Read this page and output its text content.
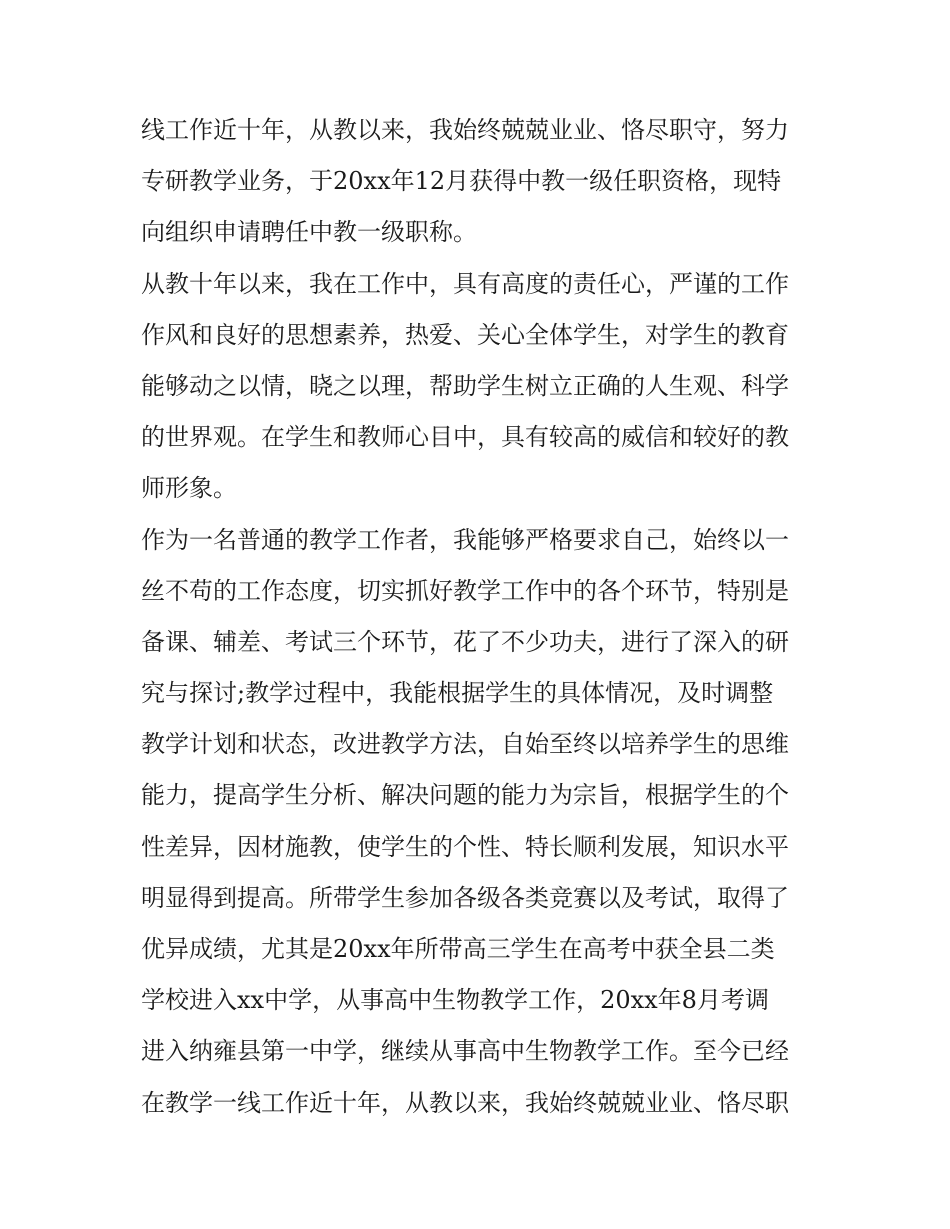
线工作近十年，从教以来，我始终兢兢业业、恪尽职守，努力
专研教学业务，于20xx年12月获得中教一级任职资格，现特
向组织申请聘任中教一级职称。
从教十年以来，我在工作中，具有高度的责任心，严谨的工作
作风和良好的思想素养，热爱、关心全体学生，对学生的教育
能够动之以情，晓之以理，帮助学生树立正确的人生观、科学
的世界观。在学生和教师心目中，具有较高的威信和较好的教
师形象。
作为一名普通的教学工作者，我能够严格要求自己，始终以一
丝不苟的工作态度，切实抓好教学工作中的各个环节，特别是
备课、辅差、考试三个环节，花了不少功夫，进行了深入的研
究与探讨;教学过程中，我能根据学生的具体情况，及时调整
教学计划和状态，改进教学方法，自始至终以培养学生的思维
能力，提高学生分析、解决问题的能力为宗旨，根据学生的个
性差异，因材施教，使学生的个性、特长顺利发展，知识水平
明显得到提高。所带学生参加各级各类竞赛以及考试，取得了
优异成绩，尤其是20xx年所带高三学生在高考中获全县二类
学校进入xx中学，从事高中生物教学工作，20xx年8月考调
进入纳雍县第一中学，继续从事高中生物教学工作。至今已经
在教学一线工作近十年，从教以来，我始终兢兢业业、恪尽职
